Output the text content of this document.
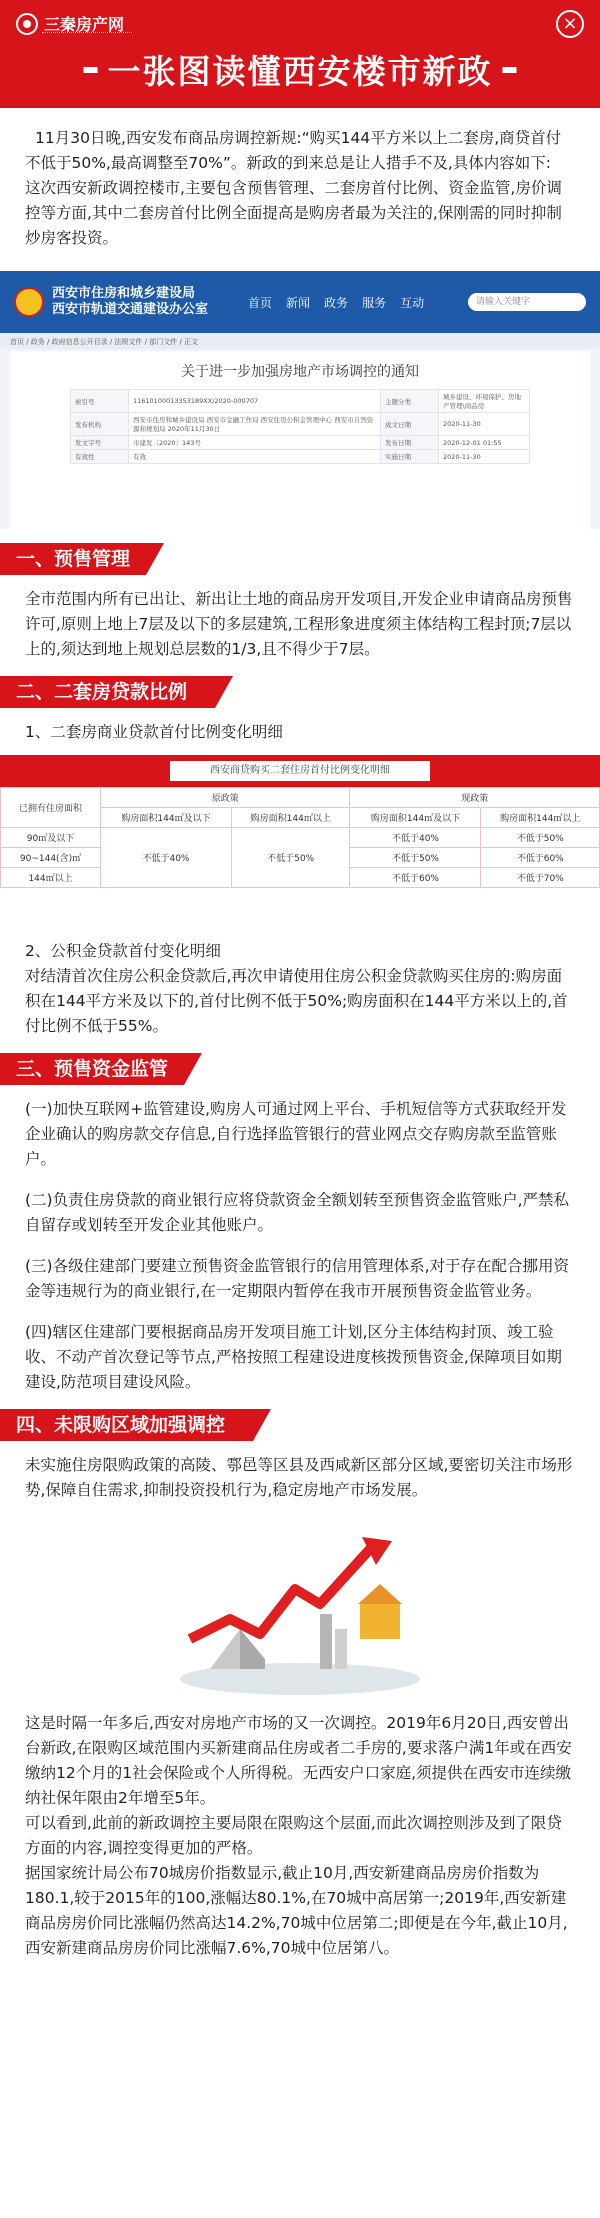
三秦房产网	×
一张图读懂西安楼市新政

11月30日晚,西安发布商品房调控新规:“购买144平方米以上二套房,商贷首付不低于50%,最高调整至70%”。新政的到来总是让人措手不及,具体内容如下:

这次西安新政调控楼市,主要包含预售管理、二套房首付比例、资金监管,房价调控等方面,其中二套房首付比例全面提高是购房者最为关注的,保刚需的同时抑制炒房客投资。

西安市住房和城乡建设局
西安市轨道交通建设办公室	首页 新闻 政务 服务 互动	请输入关键字
首页 / 政务 / 政府信息公开目录 / 法规文件 / 部门文件 / 正文
关于进一步加强房地产市场调控的通知
索引号	11610100013353189XX/2020-000707	主题分类	城乡建设、环境保护、房地产管理\商品房
发布机构	西安市住房和城乡建设局 西安市金融工作局 西安住房公积金管理中心 西安市自然资源和规划局 2020年11月30日	成文日期	2020-11-30
发文字号	市建发〔2020〕143号	发布日期	2020-12-01 01:55
有效性	有效	实施日期	2020-11-30
一、预售管理

全市范围内所有已出让、新出让土地的商品房开发项目,开发企业申请商品房预售许可,原则上地上7层及以下的多层建筑,工程形象进度须主体结构工程封顶;7层以上的,须达到地上规划总层数的1/3,且不得少于7层。

二、二套房贷款比例

1、二套房商业贷款首付比例变化明细

西安商贷购买二套住房首付比例变化明细
已拥有住房面积	原政策		现政策	
	购房面积144㎡及以下	购房面积144㎡以上	购房面积144㎡及以下	购房面积144㎡以上
90㎡及以下	不低于40%	不低于50%	不低于40%	不低于50%
90~144(含)㎡			不低于50%	不低于60%
144㎡以上			不低于60%	不低于70%

2、公积金贷款首付变化明细

对结清首次住房公积金贷款后,再次申请使用住房公积金贷款购买住房的:购房面积在144平方米及以下的,首付比例不低于50%;购房面积在144平方米以上的,首付比例不低于55%。

三、预售资金监管

(一)加快互联网+监管建设,购房人可通过网上平台、手机短信等方式获取经开发企业确认的购房款交存信息,自行选择监管银行的营业网点交存购房款至监管账户。

(二)负责住房贷款的商业银行应将贷款资金全额划转至预售资金监管账户,严禁私自留存或划转至开发企业其他账户。

(三)各级住建部门要建立预售资金监管银行的信用管理体系,对于存在配合挪用资金等违规行为的商业银行,在一定期限内暂停在我市开展预售资金监管业务。

(四)辖区住建部门要根据商品房开发项目施工计划,区分主体结构封顶、竣工验收、不动产首次登记等节点,严格按照工程建设进度核拨预售资金,保障项目如期建设,防范项目建设风险。

四、未限购区域加强调控

未实施住房限购政策的高陵、鄠邑等区县及西咸新区部分区域,要密切关注市场形势,保障自住需求,抑制投资投机行为,稳定房地产市场发展。

这是时隔一年多后,西安对房地产市场的又一次调控。2019年6月20日,西安曾出台新政,在限购区域范围内买新建商品住房或者二手房的,要求落户满1年或在西安缴纳12个月的1社会保险或个人所得税。无西安户口家庭,须提供在西安市连续缴纳社保年限由2年增至5年。

可以看到,此前的新政调控主要局限在限购这个层面,而此次调控则涉及到了限贷方面的内容,调控变得更加的严格。

据国家统计局公布70城房价指数显示,截止10月,西安新建商品房房价指数为180.1,较于2015年的100,涨幅达80.1%,在70城中高居第一;2019年,西安新建商品房房价同比涨幅仍然高达14.2%,70城中位居第二;即便是在今年,截止10月,西安新建商品房房价同比涨幅7.6%,70城中位居第八。
